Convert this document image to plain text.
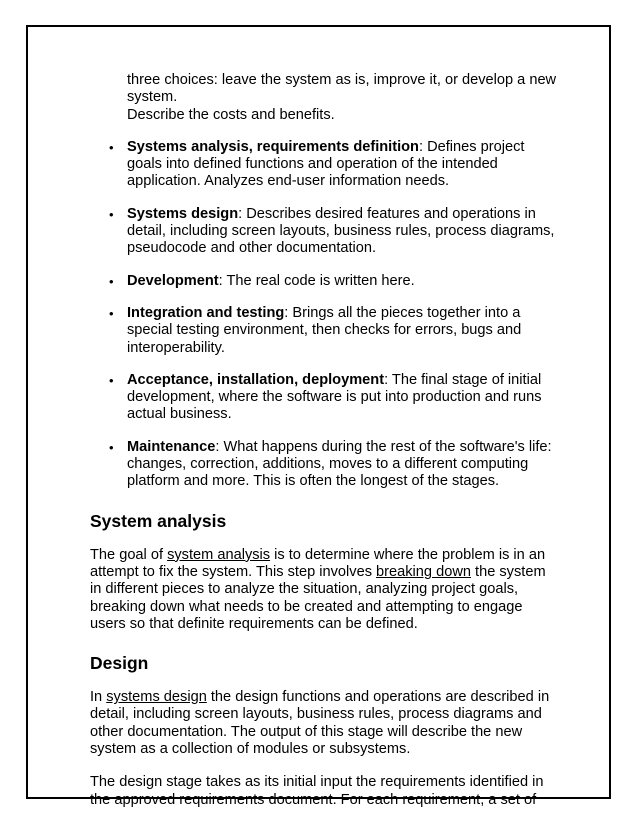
three choices: leave the system as is, improve it, or develop a new system.
Describe the costs and benefits.

• Systems analysis, requirements definition: Defines project goals into defined functions and operation of the intended application. Analyzes end-user information needs.
• Systems design: Describes desired features and operations in detail, including screen layouts, business rules, process diagrams, pseudocode and other documentation.
• Development: The real code is written here.
• Integration and testing: Brings all the pieces together into a special testing environment, then checks for errors, bugs and interoperability.
• Acceptance, installation, deployment: The final stage of initial development, where the software is put into production and runs actual business.
• Maintenance: What happens during the rest of the software's life: changes, correction, additions, moves to a different computing platform and more. This is often the longest of the stages.
System analysis

The goal of system analysis is to determine where the problem is in an attempt to fix the system. This step involves breaking down the system in different pieces to analyze the situation, analyzing project goals, breaking down what needs to be created and attempting to engage users so that definite requirements can be defined.

Design

In systems design the design functions and operations are described in detail, including screen layouts, business rules, process diagrams and other documentation. The output of this stage will describe the new system as a collection of modules or subsystems.

The design stage takes as its initial input the requirements identified in the approved requirements document. For each requirement, a set of
